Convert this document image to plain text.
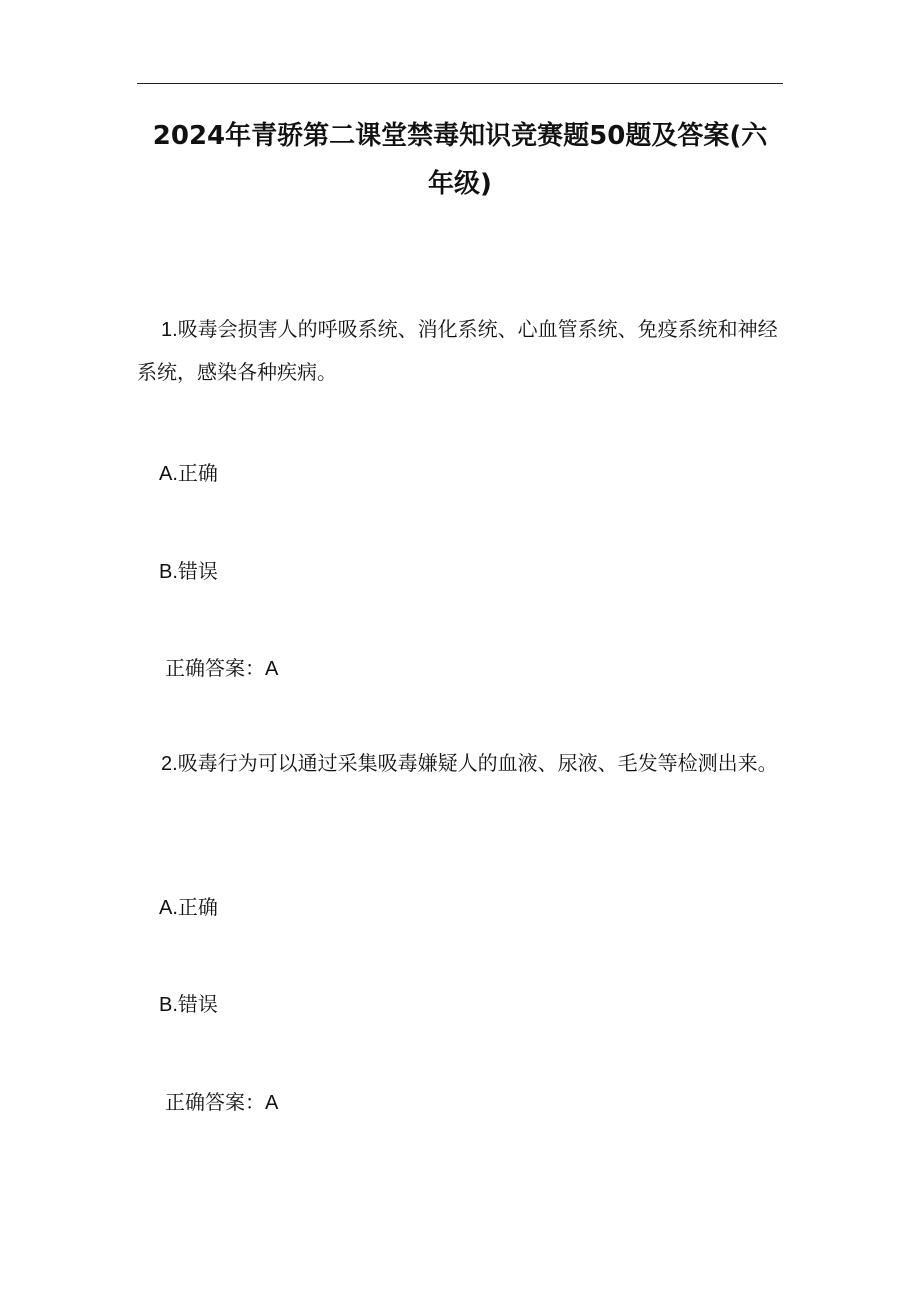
2024年青骄第二课堂禁毒知识竞赛题50题及答案(六
年级)
1.吸毒会损害人的呼吸系统、消化系统、心血管系统、免疫系统和神经系统，感染各种疾病。
A.正确
B.错误
正确答案：A
2.吸毒行为可以通过采集吸毒嫌疑人的血液、尿液、毛发等检测出来。
A.正确
B.错误
正确答案：A
